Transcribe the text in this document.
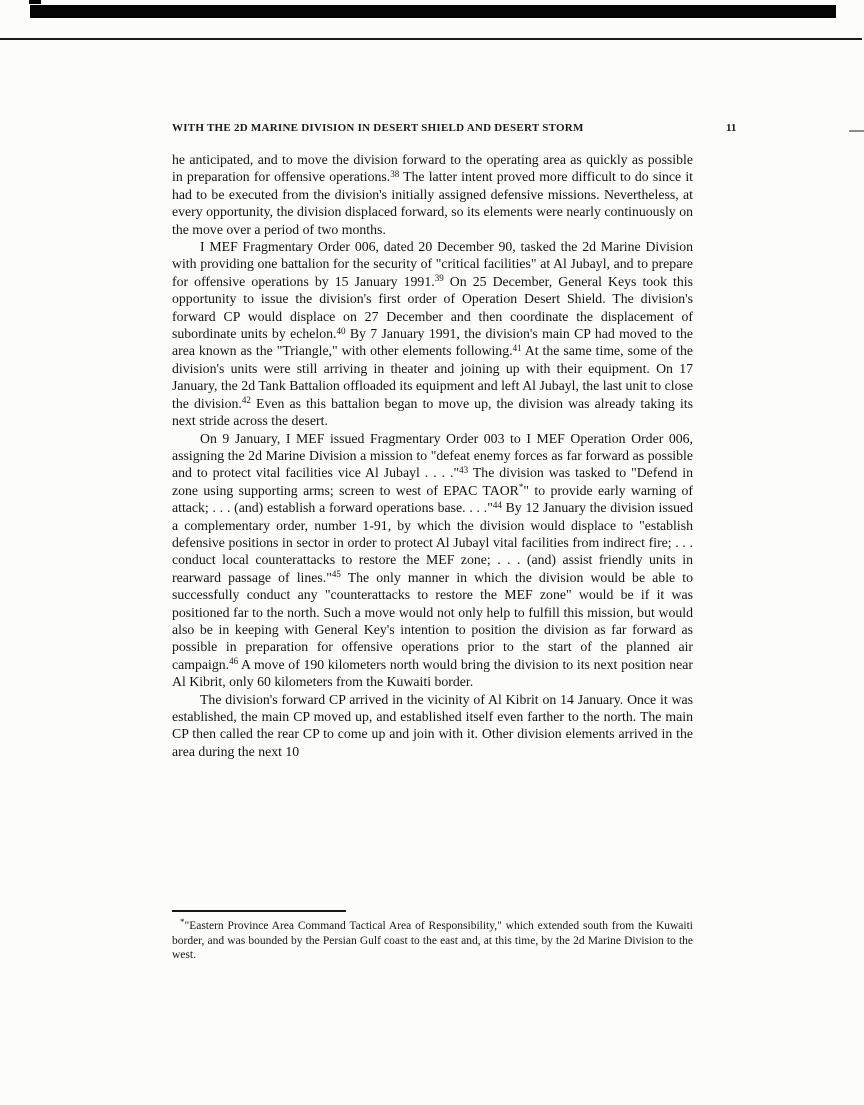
WITH THE 2D MARINE DIVISION IN DESERT SHIELD AND DESERT STORM	11

he anticipated, and to move the division forward to the operating area as quickly as possible in preparation for offensive operations.$^{38}$ The latter intent proved more difficult to do since it had to be executed from the division's initially assigned defensive missions. Nevertheless, at every opportunity, the division displaced forward, so its elements were nearly continuously on the move over a period of two months.

I MEF Fragmentary Order 006, dated 20 December 90, tasked the 2d Marine Division with providing one battalion for the security of "critical facilities" at Al Jubayl, and to prepare for offensive operations by 15 January 1991.39 On 25 December, General Keys took this opportunity to issue the division's first order of Operation Desert Shield. The division's forward CP would displace on 27 December and then coordinate the displacement of subordinate units by echelon.$^{40}$ By 7 January 1991, the division's main CP had moved to the area known as the "Triangle," with other elements following.$^{41}$ At the same time, some of the division's units were still arriving in theater and joining up with their equipment. On 17 January, the 2d Tank Battalion offloaded its equipment and left Al Jubayl, the last unit to close the division.$^{42}$ Even as this battalion began to move up, the division was already taking its next stride across the desert.

On 9 January, I MEF issued Fragmentary Order 003 to I MEF Operation Order 006, assigning the 2d Marine Division a mission to "defeat enemy forces as far forward as possible and to protect vital facilities vice Al Jubayl . . . ."$^{43}$ The division was tasked to "Defend in zone using supporting arms; screen to west of EPAC TAOR*" to provide early warning of attack; . . . (and) establish a forward operations base. . . ."$^{44}$ By 12 January the division issued a complementary order, number 1-91, by which the division would displace to "establish defensive positions in sector in order to protect Al Jubayl vital facilities from indirect fire; . . . conduct local counterattacks to restore the MEF zone; . . . (and) assist friendly units in rearward passage of lines."$^{45}$ The only manner in which the division would be able to successfully conduct any "counterattacks to restore the MEF zone" would be if it was positioned far to the north. Such a move would not only help to fulfill this mission, but would also be in keeping with General Key's intention to position the division as far forward as possible in preparation for offensive operations prior to the start of the planned air campaign.$^{46}$ A move of 190 kilometers north would bring the division to its next position near Al Kibrit, only 60 kilometers from the Kuwaiti border.

The division's forward CP arrived in the vicinity of Al Kibrit on 14 January. Once it was established, the main CP moved up, and established itself even farther to the north. The main CP then called the rear CP to come up and join with it. Other division elements arrived in the area during the next 10

*"Eastern Province Area Command Tactical Area of Responsibility," which extended south from the Kuwaiti border, and was bounded by the Persian Gulf coast to the east and, at this time, by the 2d Marine Division to the west.
